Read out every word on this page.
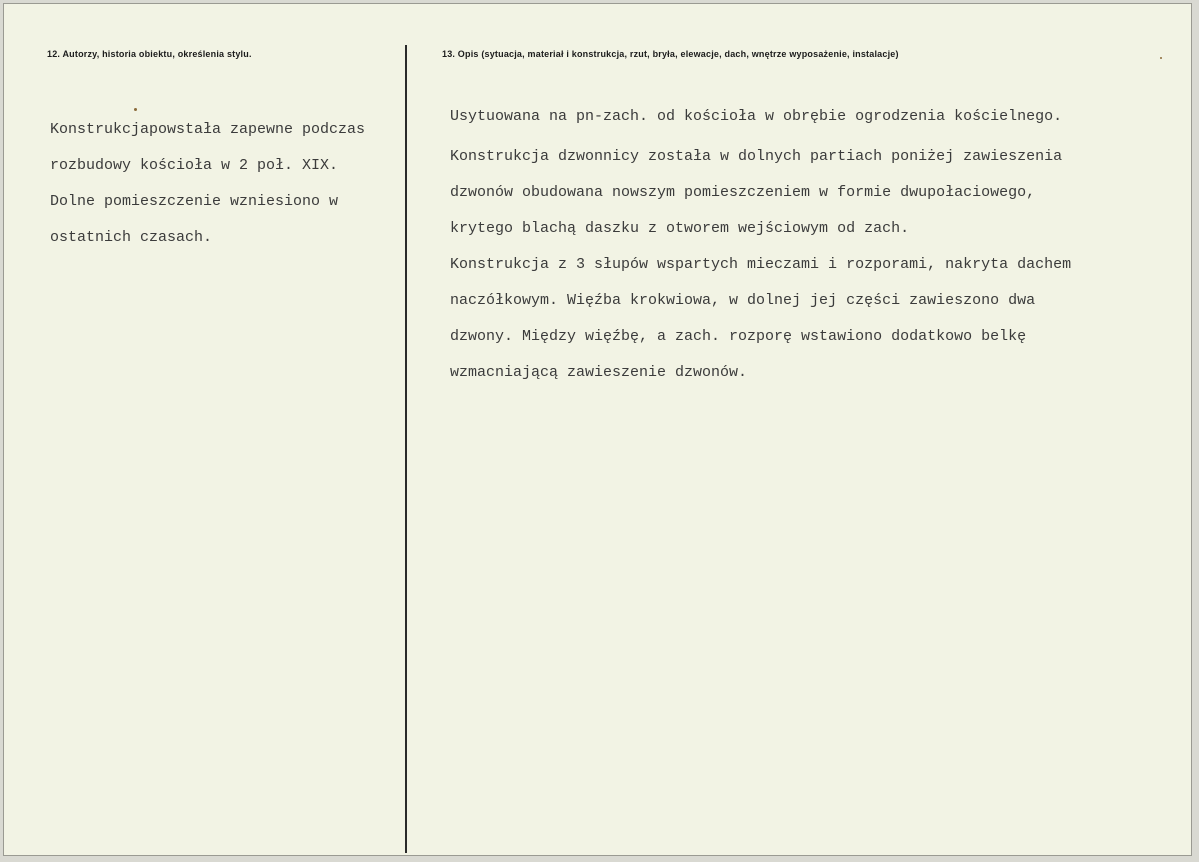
12. Autorzy, historia obiektu, określenia stylu.	13. Opis (sytuacja, materiał i konstrukcja, rzut, bryła, elewacje, dach, wnętrze wyposażenie, instalacje)
Konstrukcjapowstała zapewne podczas
rozbudowy kościoła w 2 poł. XIX.
Dolne pomieszczenie wzniesiono w
ostatnich czasach.
Usytuowana na pn-zach. od kościoła w obrębie ogrodzenia kościelnego.
Konstrukcja dzwonnicy została w dolnych partiach poniżej zawieszenia
dzwonów obudowana nowszym pomieszczeniem w formie dwupołaciowego,
krytego blachą daszku z otworem wejściowym od zach.
Konstrukcja z 3 słupów wspartych mieczami i rozporami, nakryta dachem
naczółkowym. Więźba krokwiowa, w dolnej jej części zawieszono dwa
dzwony. Między więźbę, a zach. rozporę wstawiono dodatkowo belkę
wzmacniającą zawieszenie dzwonów.
